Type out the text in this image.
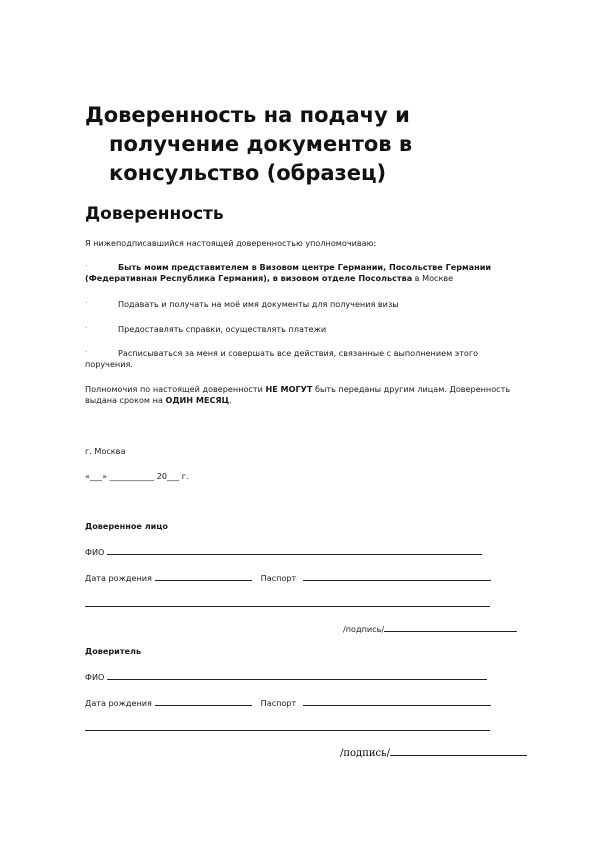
Доверенность на подачу и
получение документов в
консульство (образец)
Доверенность
Я нижеподписавшийся настоящей доверенностью уполномочиваю:
·	Быть моим представителем в Визовом центре Германии, Посольстве Германии

(Федеративная Республика Германия), в визовом отделе Посольства в Москве
·	Подавать и получать на моё имя документы для получения визы
·	Предоставлять справки, осуществлять платежи
·	Расписываться за меня и совершать все действия, связанные с выполнением этого

поручения.
Полномочия по настоящей доверенности НЕ МОГУТ быть переданы другим лицам. Доверенность
выдана сроком на ОДИН МЕСЯЦ.
г. Москва
«___» ___________ 20___ г.
Доверенное лицо
ФИО
Дата рождения	Паспорт
/подпись/
Доверитель
ФИО
Дата рождения	Паспорт
/подпись/
